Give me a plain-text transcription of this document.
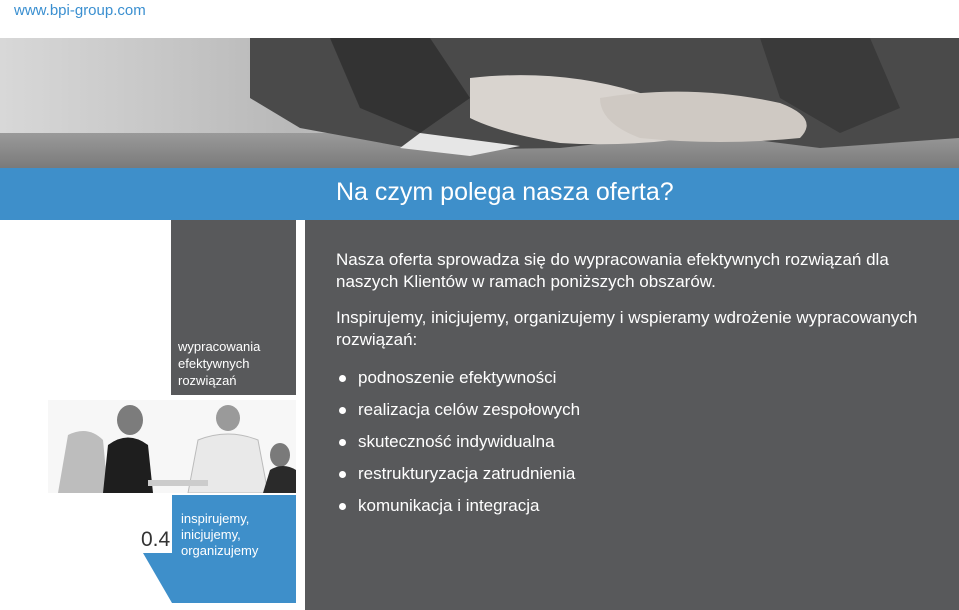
www.bpi-group.com
Na czym polega nasza oferta?
wypracowania efektywnych rozwiązań
inspirujemy, inicjujemy, organizujemy
0.4

Nasza oferta sprowadza się do wypracowania efektywnych rozwiązań dla naszych Klientów w ramach poniższych obszarów.

Inspirujemy, inicjujemy, organizujemy i wspieramy wdrożenie wypracowanych rozwiązań:

podnoszenie efektywności
realizacja celów zespołowych
skuteczność indywidualna
restrukturyzacja zatrudnienia
komunikacja i integracja
